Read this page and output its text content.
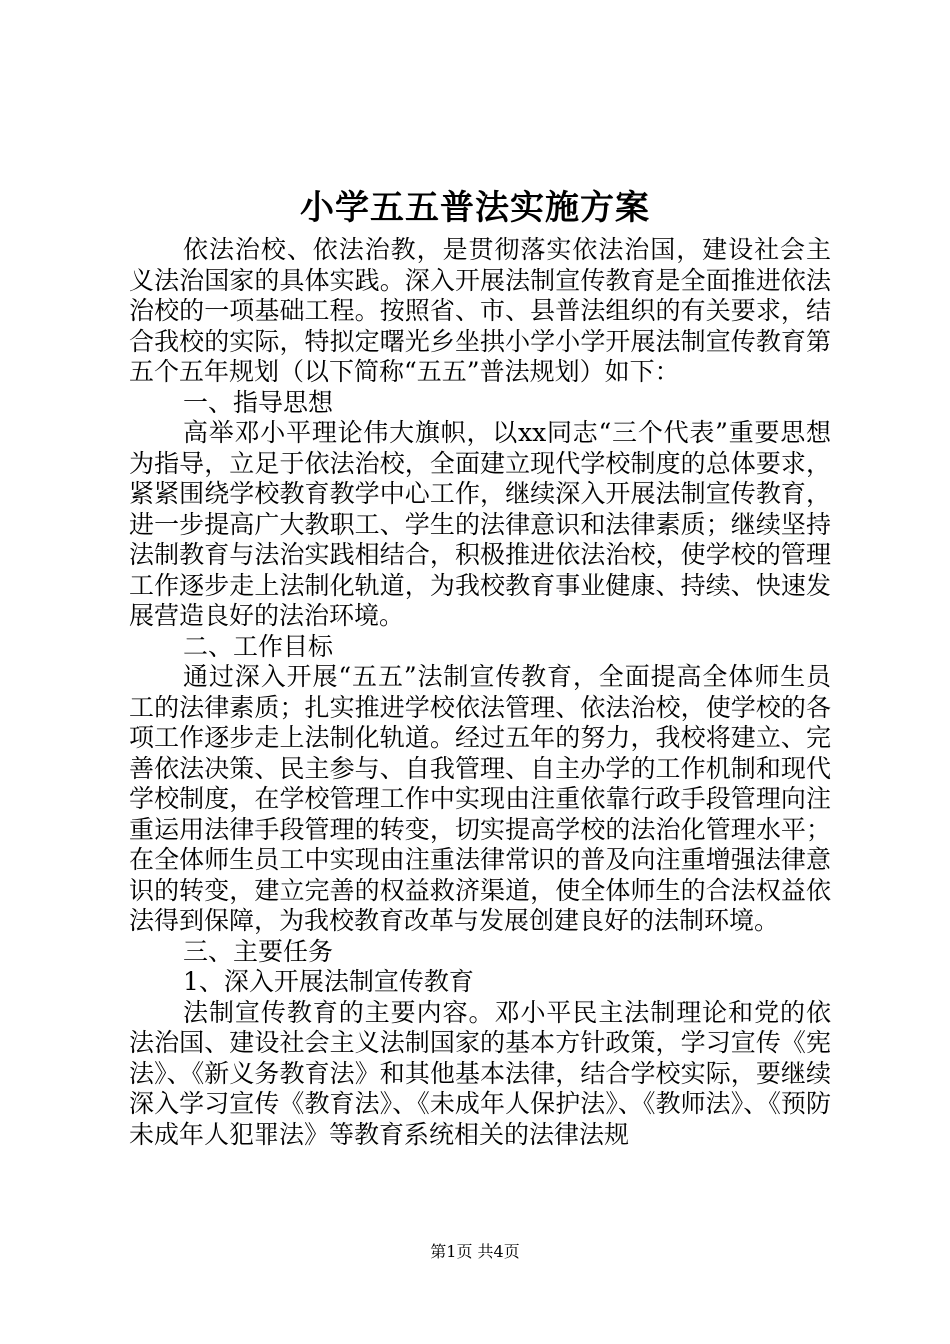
小学五五普法实施方案

依法治校、依法治教，是贯彻落实依法治国，建设社会主义法治国家的具体实践。深入开展法制宣传教育是全面推进依法治校的一项基础工程。按照省、市、县普法组织的有关要求，结合我校的实际，特拟定曙光乡坐拱小学小学开展法制宣传教育第五个五年规划（以下简称“五五”普法规划）如下：

一、指导思想

高举邓小平理论伟大旗帜，以xx同志“三个代表”重要思想为指导，立足于依法治校，全面建立现代学校制度的总体要求，紧紧围绕学校教育教学中心工作，继续深入开展法制宣传教育，进一步提高广大教职工、学生的法律意识和法律素质；继续坚持法制教育与法治实践相结合，积极推进依法治校，使学校的管理工作逐步走上法制化轨道，为我校教育事业健康、持续、快速发展营造良好的法治环境。

二、工作目标

通过深入开展“五五”法制宣传教育，全面提高全体师生员工的法律素质；扎实推进学校依法管理、依法治校，使学校的各项工作逐步走上法制化轨道。经过五年的努力，我校将建立、完善依法决策、民主参与、自我管理、自主办学的工作机制和现代学校制度，在学校管理工作中实现由注重依靠行政手段管理向注重运用法律手段管理的转变，切实提高学校的法治化管理水平；在全体师生员工中实现由注重法律常识的普及向注重增强法律意识的转变，建立完善的权益救济渠道，使全体师生的合法权益依法得到保障，为我校教育改革与发展创建良好的法制环境。

三、主要任务

1、深入开展法制宣传教育

法制宣传教育的主要内容。邓小平民主法制理论和党的依法治国、建设社会主义法制国家的基本方针政策，学习宣传《宪法》、《新义务教育法》和其他基本法律，结合学校实际，要继续深入学习宣传《教育法》、《未成年人保护法》、《教师法》、《预防未成年人犯罪法》等教育系统相关的法律法规

第1页 共4页
